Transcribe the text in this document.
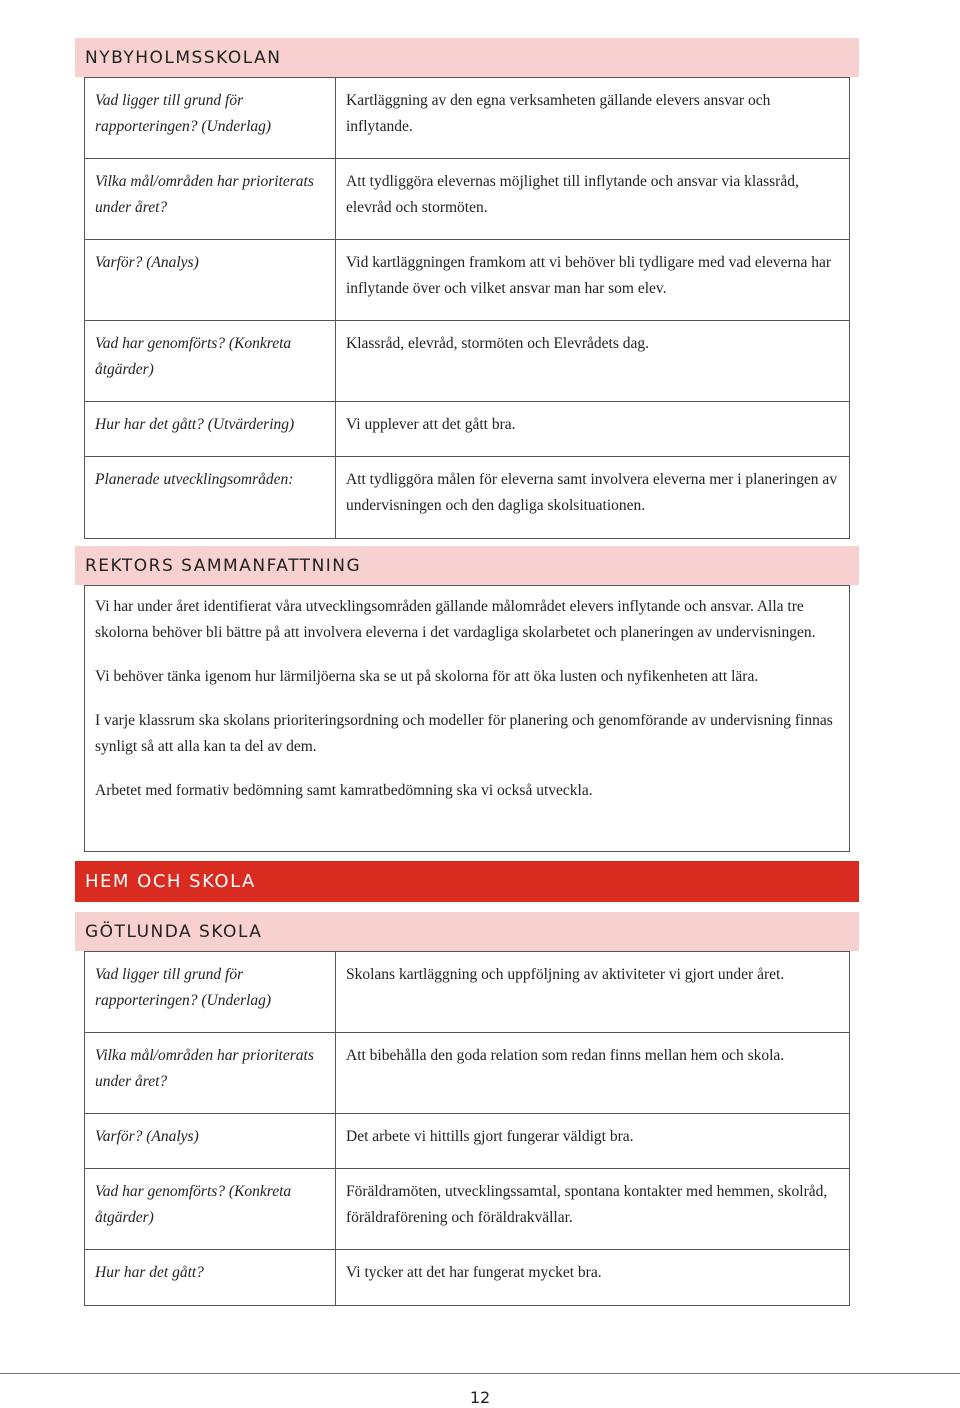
NYBYHOLMSSKOLAN
Vad ligger till grund för rapporteringen? (Underlag)	Kartläggning av den egna verksamheten gällande elevers ansvar och inflytande.
Vilka mål/områden har prioriterats under året?	Att tydliggöra elevernas möjlighet till inflytande och ansvar via klassråd, elevråd och stormöten.
Varför? (Analys)	Vid kartläggningen framkom att vi behöver bli tydligare med vad eleverna har inflytande över och vilket ansvar man har som elev.
Vad har genomförts? (Konkreta åtgärder)	Klassråd, elevråd, stormöten och Elevrådets dag.
Hur har det gått? (Utvärdering)	Vi upplever att det gått bra.
Planerade utvecklingsområden:	Att tydliggöra målen för eleverna samt involvera eleverna mer i planeringen av undervisningen och den dagliga skolsituationen.
REKTORS SAMMANFATTNING

Vi har under året identifierat våra utvecklingsområden gällande målområdet elevers inflytande och ansvar. Alla tre skolorna behöver bli bättre på att involvera eleverna i det vardagliga skolarbetet och planeringen av undervisningen.

Vi behöver tänka igenom hur lärmiljöerna ska se ut på skolorna för att öka lusten och nyfikenheten att lära.

I varje klassrum ska skolans prioriteringsordning och modeller för planering och genomförande av undervisning finnas synligt så att alla kan ta del av dem.

Arbetet med formativ bedömning samt kamratbedömning ska vi också utveckla.

HEM OCH SKOLA
GÖTLUNDA SKOLA
Vad ligger till grund för rapporteringen? (Underlag)	Skolans kartläggning och uppföljning av aktiviteter vi gjort under året.
Vilka mål/områden har prioriterats under året?	Att bibehålla den goda relation som redan finns mellan hem och skola.
Varför? (Analys)	Det arbete vi hittills gjort fungerar väldigt bra.
Vad har genomförts? (Konkreta åtgärder)	Föräldramöten, utvecklingssamtal, spontana kontakter med hemmen, skolråd, föräldraförening och föräldrakvällar.
Hur har det gått?	Vi tycker att det har fungerat mycket bra.
12
